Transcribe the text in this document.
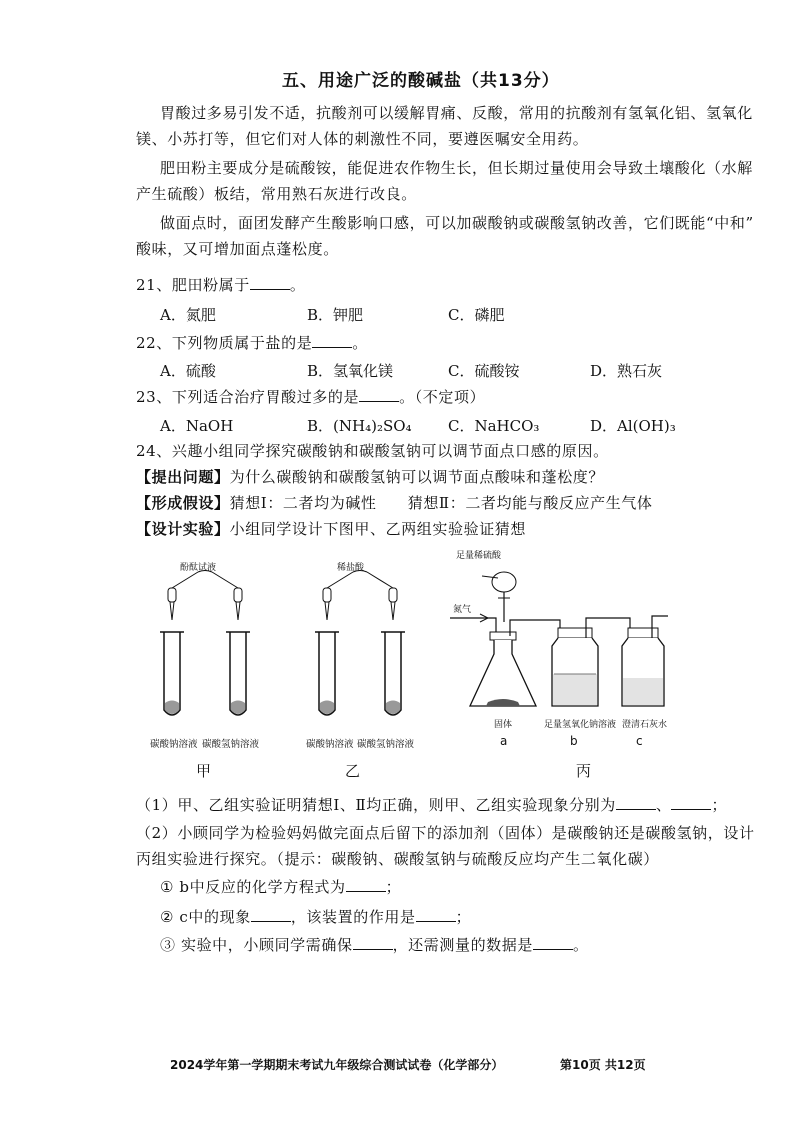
五、用途广泛的酸碱盐（共13分）
胃酸过多易引发不适，抗酸剂可以缓解胃痛、反酸，常用的抗酸剂有氢氧化铝、氢氧化
镁、小苏打等，但它们对人体的刺激性不同，要遵医嘱安全用药。
肥田粉主要成分是硫酸铵，能促进农作物生长，但长期过量使用会导致土壤酸化（水解
产生硫酸）板结，常用熟石灰进行改良。
做面点时，面团发酵产生酸影响口感，可以加碳酸钠或碳酸氢钠改善，它们既能“中和”
酸味，又可增加面点蓬松度。
21、肥田粉属于	。
A．氮肥	B．钾肥	C．磷肥
22、下列物质属于盐的是	。
A．硫酸	B．氢氧化镁	C．硫酸铵	D．熟石灰
23、下列适合治疗胃酸过多的是	。（不定项）
A．NaOH	B．(NH₄)₂SO₄ C．NaHCO₃	D．Al(OH)₃
24、兴趣小组同学探究碳酸钠和碳酸氢钠可以调节面点口感的原因。
【提出问题】为什么碳酸钠和碳酸氢钠可以调节面点酸味和蓬松度？
【形成假设】猜想Ⅰ：二者均为碱性　　猜想Ⅱ：二者均能与酸反应产生气体
【设计实验】小组同学设计下图甲、乙两组实验验证猜想
酚酞试液
碳酸钠溶液 碳酸氢钠溶液
甲
稀盐酸
碳酸钠溶液 碳酸氢钠溶液
乙
足量稀硫酸
氮气
固体	足量氢氧化钠溶液 澄清石灰水
a	b	c
丙
（1）甲、乙组实验证明猜想Ⅰ、Ⅱ均正确，则甲、乙组实验现象分别为	、	；
（2）小顾同学为检验妈妈做完面点后留下的添加剂（固体）是碳酸钠还是碳酸氢钠，设计
丙组实验进行探究。（提示：碳酸钠、碳酸氢钠与硫酸反应均产生二氧化碳）
① b中反应的化学方程式为	；
② c中的现象	，该装置的作用是	；
③ 实验中，小顾同学需确保	，还需测量的数据是	。
2024学年第一学期期末考试九年级综合测试试卷（化学部分）	第10页 共12页
